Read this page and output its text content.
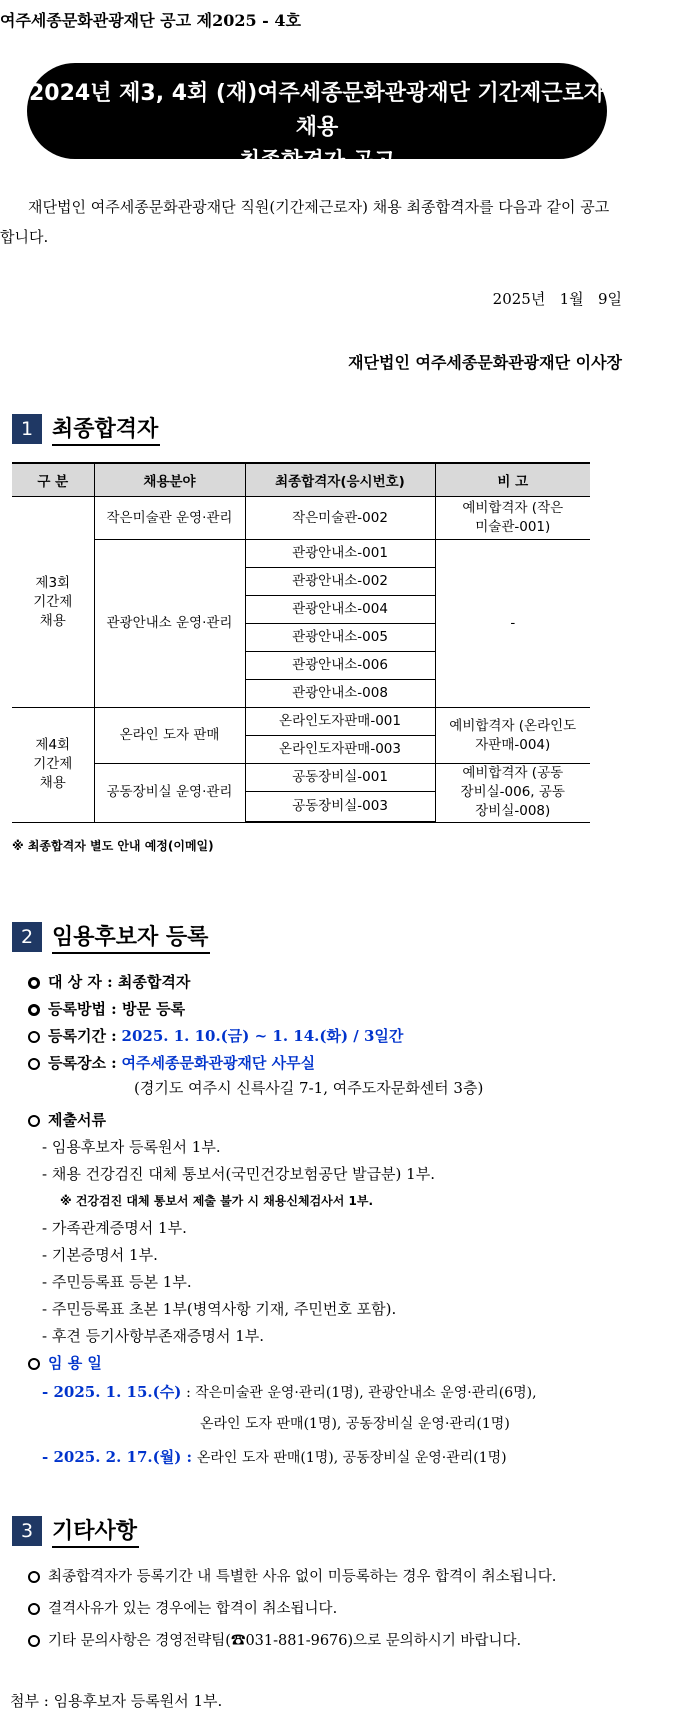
여주세종문화관광재단 공고 제2025 - 4호
2024년 제3, 4회 (재)여주세종문화관광재단 기간제근로자 채용
최종합격자 공고
재단법인 여주세종문화관광재단 직원(기간제근로자) 채용 최종합격자를 다음과 같이 공고합니다.
2025년   1월   9일
재단법인 여주세종문화관광재단 이사장
1 최종합격자
구 분	채용분야	최종합격자(응시번호)	비 고

제3회 기간제 채용	작은미술관 운영·관리	작은미술관-002	예비합격자 (작은미술관-001)

	관광안내소 운영·관리	관광안내소-001	-
		관광안내소-002	
		관광안내소-004	
		관광안내소-005	
		관광안내소-006	
		관광안내소-008	

제4회 기간제 채용	온라인 도자 판매	온라인도자판매-001	예비합격자 (온라인도자판매-004)

		온라인도자판매-003	
	공동장비실 운영·관리	공동장비실-001	예비합격자 (공동장비실-006, 공동장비실-008)

		공동장비실-003	
※ 최종합격자 별도 안내 예정(이메일)
2 임용후보자 등록
대 상 자 : 최종합격자
등록방법 : 방문 등록
등록기간 : 2025. 1. 10.(금) ~ 1. 14.(화) / 3일간
등록장소 : 여주세종문화관광재단 사무실
(경기도 여주시 신륵사길 7-1, 여주도자문화센터 3층)
제출서류
- 임용후보자 등록원서 1부.
- 채용 건강검진 대체 통보서(국민건강보험공단 발급분) 1부.
※ 건강검진 대체 통보서 제출 불가 시 채용신체검사서 1부.
- 가족관계증명서 1부.
- 기본증명서 1부.
- 주민등록표 등본 1부.
- 주민등록표 초본 1부(병역사항 기재, 주민번호 포함).
- 후견 등기사항부존재증명서 1부.
임 용 일
- 2025. 1. 15.(수) : 작은미술관 운영·관리(1명), 관광안내소 운영·관리(6명),
온라인 도자 판매(1명), 공동장비실 운영·관리(1명)
- 2025. 2. 17.(월) : 온라인 도자 판매(1명), 공동장비실 운영·관리(1명)
3 기타사항
최종합격자가 등록기간 내 특별한 사유 없이 미등록하는 경우 합격이 취소됩니다.
결격사유가 있는 경우에는 합격이 취소됩니다.
기타 문의사항은 경영전략팀(☎031-881-9676)으로 문의하시기 바랍니다.
첨부 : 임용후보자 등록원서 1부.
